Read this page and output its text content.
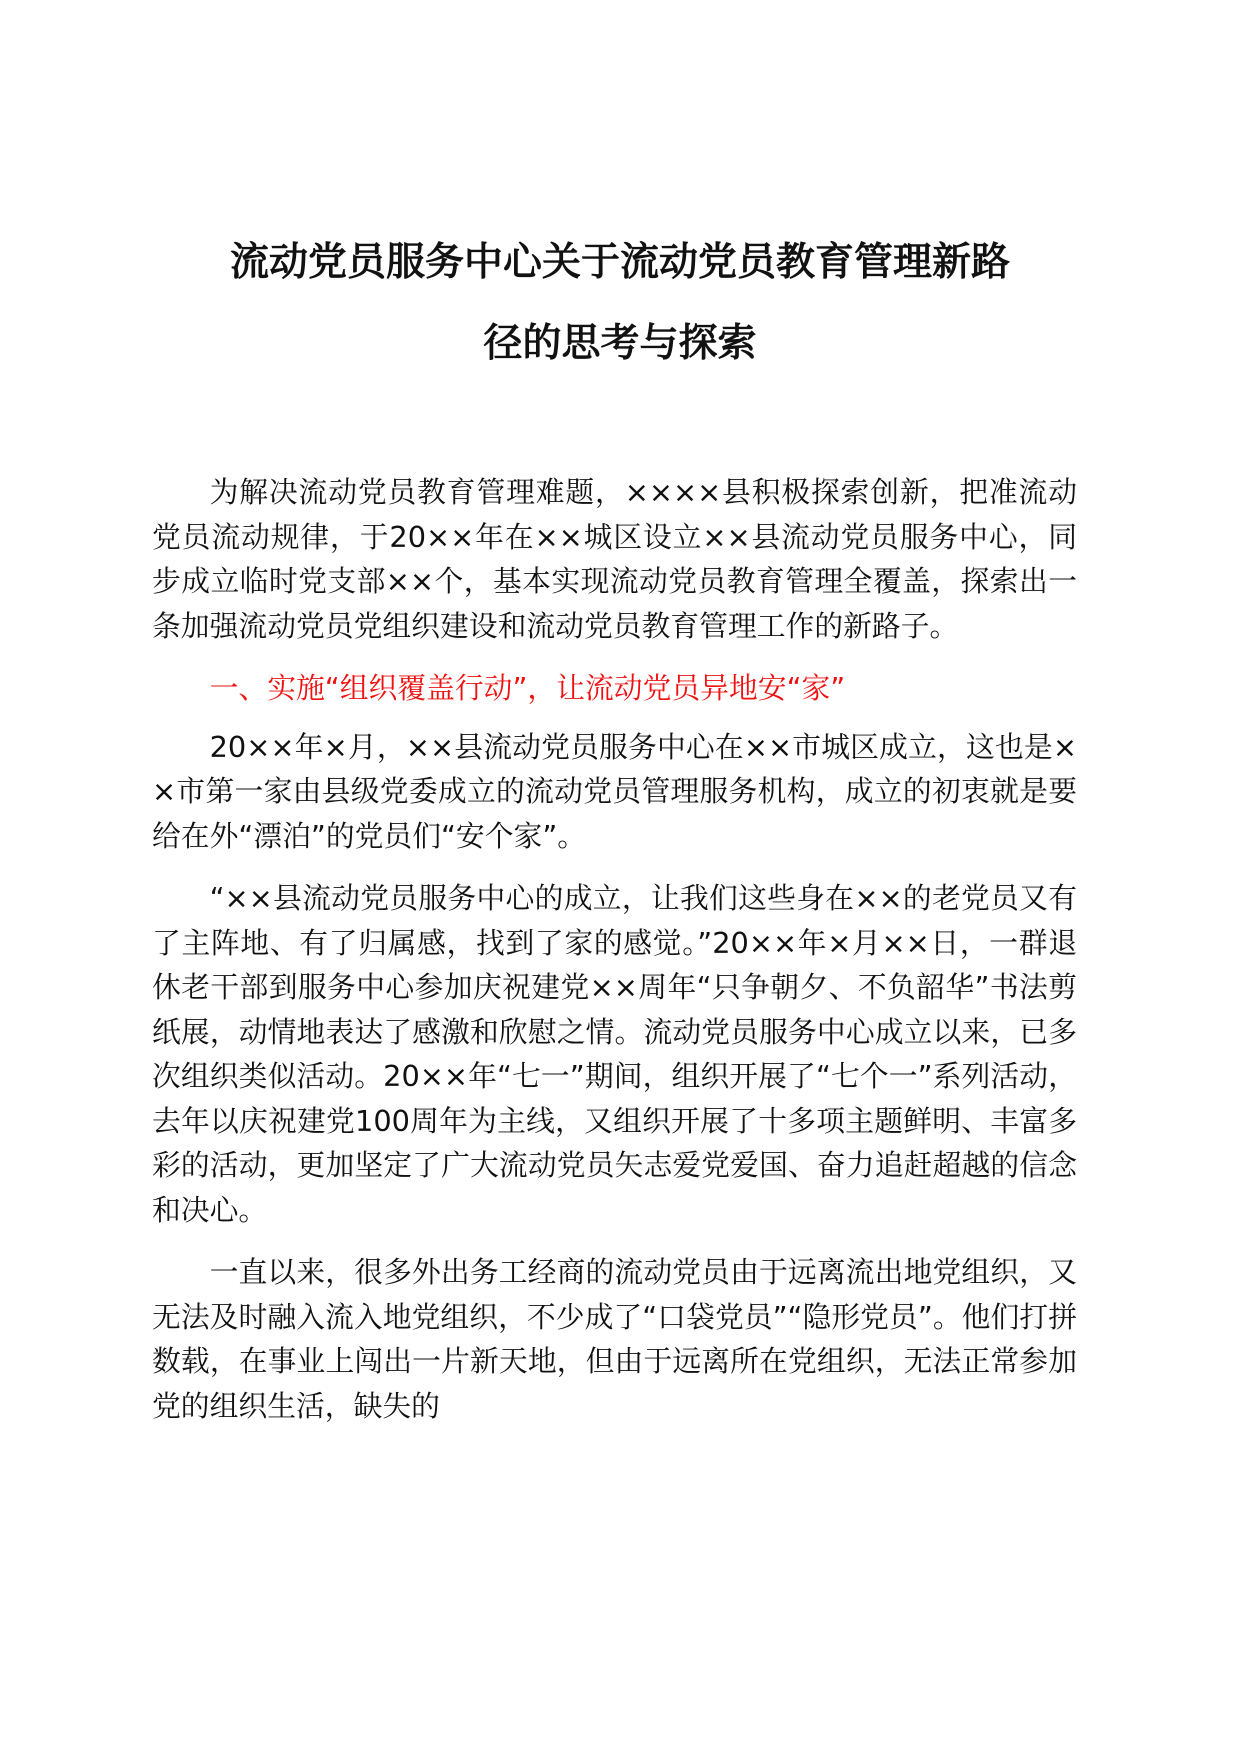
流动党员服务中心关于流动党员教育管理新路
径的思考与探索

为解决流动党员教育管理难题，××××县积极探索创新，把准流动党员流动规律，于20××年在××城区设立××县流动党员服务中心，同步成立临时党支部××个，基本实现流动党员教育管理全覆盖，探索出一条加强流动党员党组织建设和流动党员教育管理工作的新路子。

一、实施“组织覆盖行动”，让流动党员异地安“家”

20××年×月，××县流动党员服务中心在××市城区成立，这也是××市第一家由县级党委成立的流动党员管理服务机构，成立的初衷就是要给在外“漂泊”的党员们“安个家”。

“××县流动党员服务中心的成立，让我们这些身在××的老党员又有了主阵地、有了归属感，找到了家的感觉。”20××年×月××日，一群退休老干部到服务中心参加庆祝建党××周年“只争朝夕、不负韶华”书法剪纸展，动情地表达了感激和欣慰之情。流动党员服务中心成立以来，已多次组织类似活动。20××年“七一”期间，组织开展了“七个一”系列活动，去年以庆祝建党100周年为主线，又组织开展了十多项主题鲜明、丰富多彩的活动，更加坚定了广大流动党员矢志爱党爱国、奋力追赶超越的信念和决心。

一直以来，很多外出务工经商的流动党员由于远离流出地党组织，又无法及时融入流入地党组织，不少成了“口袋党员”“隐形党员”。他们打拼数载，在事业上闯出一片新天地，但由于远离所在党组织，无法正常参加党的组织生活，缺失的
